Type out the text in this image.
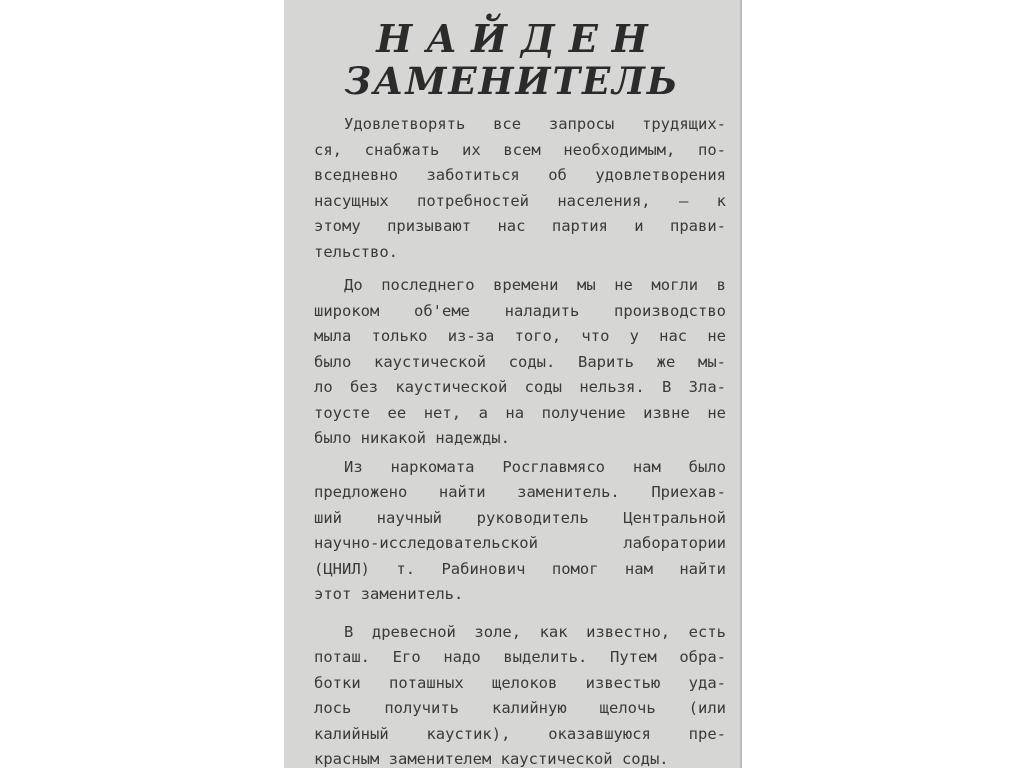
НАЙДЕН
ЗАМЕНИТЕЛЬ

Удовлетворять все запросы трудящих-
ся, снабжать их всем необходимым, по-
вседневно заботиться об удовлетворения
насущных потребностей населения, — к
этому призывают нас партия и прави-
тельство.

До последнего времени мы не могли в
широком об'еме наладить производство
мыла только из-за того, что у нас не
было каустической соды. Варить же мы-
ло без каустической соды нельзя. В Зла-
тоусте ее нет, а на получение извне не
было никакой надежды.

Из наркомата Росглавмясо нам было
предложено найти заменитель. Приехав-
ший научный руководитель Центральной
научно-исследовательской лаборатории
(ЦНИЛ) т. Рабинович помог нам найти
этот заменитель.

В древесной золе, как известно, есть
поташ. Его надо выделить. Путем обра-
ботки поташных щелоков известью уда-
лось получить калийную щелочь (или
калийный каустик), оказавшуюся пре-
красным заменителем каустической соды.
